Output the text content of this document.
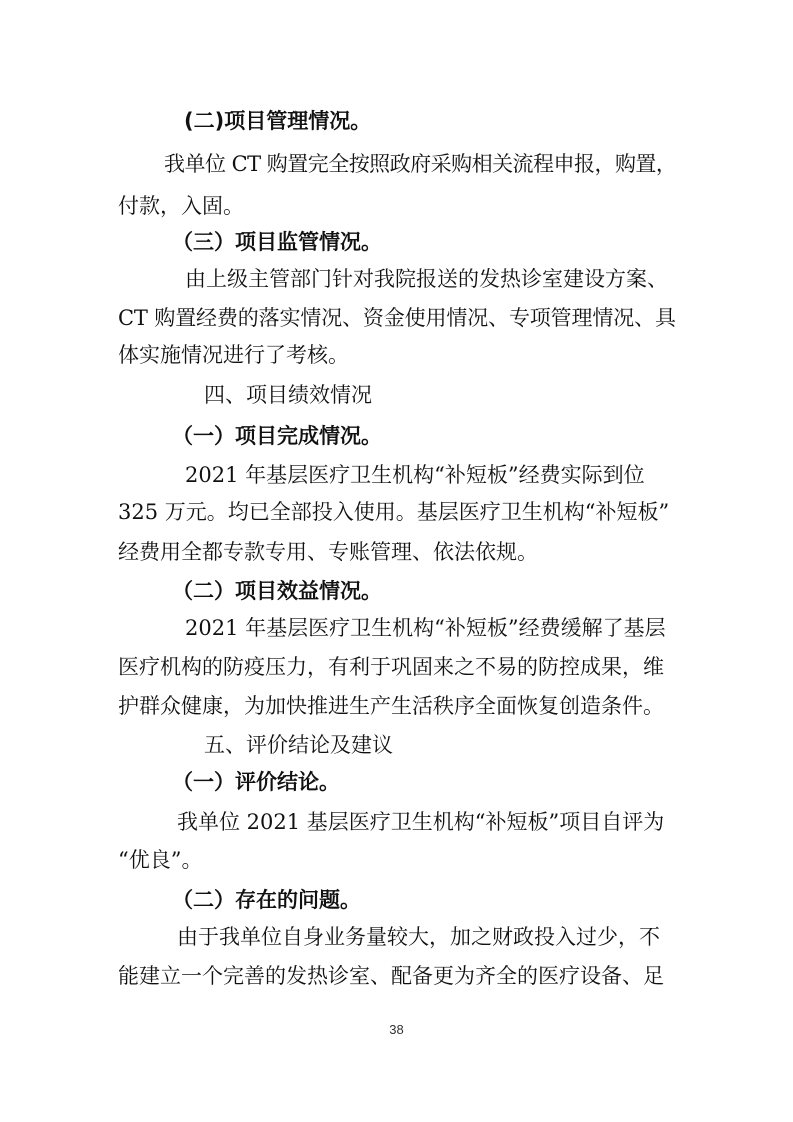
(二)项目管理情况。
我单位 CT 购置完全按照政府采购相关流程申报，购置，
付款，入固。
（三）项目监管情况。
由上级主管部门针对我院报送的发热诊室建设方案、
CT 购置经费的落实情况、资金使用情况、专项管理情况、具
体实施情况进行了考核。
四、项目绩效情况
（一）项目完成情况。
2021 年基层医疗卫生机构“补短板”经费实际到位
325 万元。均已全部投入使用。基层医疗卫生机构“补短板”
经费用全都专款专用、专账管理、依法依规。
（二）项目效益情况。
2021 年基层医疗卫生机构“补短板”经费缓解了基层
医疗机构的防疫压力，有利于巩固来之不易的防控成果，维
护群众健康，为加快推进生产生活秩序全面恢复创造条件。
五、评价结论及建议
（一）评价结论。
我单位 2021 基层医疗卫生机构“补短板”项目自评为
“优良”。
（二）存在的问题。
由于我单位自身业务量较大，加之财政投入过少，不
能建立一个完善的发热诊室、配备更为齐全的医疗设备、足
38
